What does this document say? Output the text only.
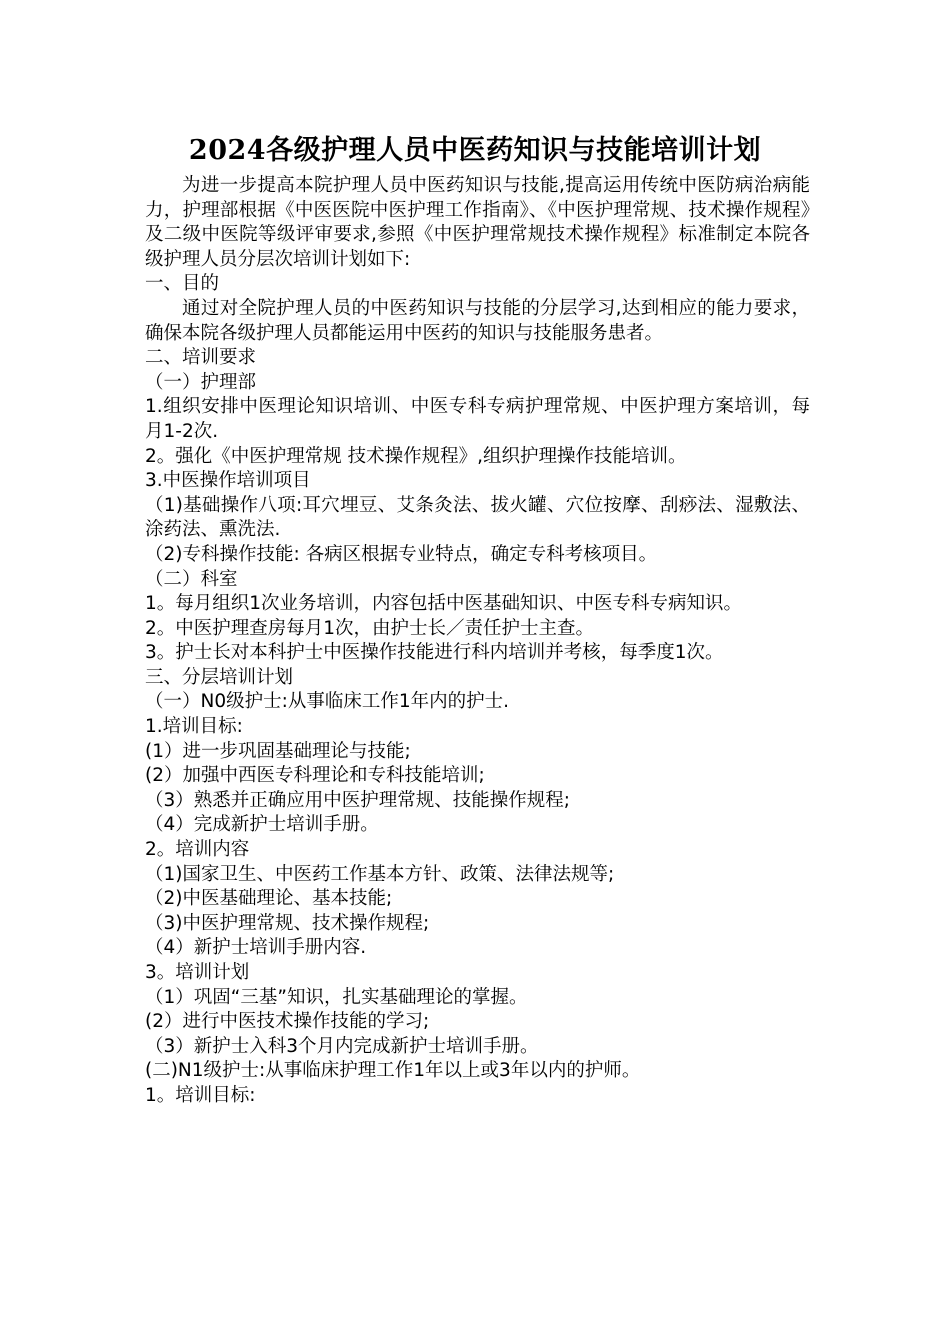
2024各级护理人员中医药知识与技能培训计划

为进一步提高本院护理人员中医药知识与技能,提高运用传统中医防病治病能力，护理部根据《中医医院中医护理工作指南》、《中医护理常规、技术操作规程》及二级中医院等级评审要求,参照《中医护理常规技术操作规程》标准制定本院各级护理人员分层次培训计划如下:

一、目的

通过对全院护理人员的中医药知识与技能的分层学习,达到相应的能力要求，确保本院各级护理人员都能运用中医药的知识与技能服务患者。

二、培训要求

（一）护理部

1.组织安排中医理论知识培训、中医专科专病护理常规、中医护理方案培训，每月1-2次.

2。强化《中医护理常规 技术操作规程》,组织护理操作技能培训。

3.中医操作培训项目

（1)基础操作八项:耳穴埋豆、艾条灸法、拔火罐、穴位按摩、刮痧法、湿敷法、涂药法、熏洗法.

（2)专科操作技能: 各病区根据专业特点，确定专科考核项目。

（二）科室

1。每月组织1次业务培训，内容包括中医基础知识、中医专科专病知识。

2。中医护理查房每月1次，由护士长／责任护士主查。

3。护士长对本科护士中医操作技能进行科内培训并考核，每季度1次。

三、分层培训计划

（一）N0级护士:从事临床工作1年内的护士.

1.培训目标:

(1）进一步巩固基础理论与技能;

(2）加强中西医专科理论和专科技能培训;

（3）熟悉并正确应用中医护理常规、技能操作规程;

（4）完成新护士培训手册。

2。培训内容

（1)国家卫生、中医药工作基本方针、政策、法律法规等;

（2)中医基础理论、基本技能;

（3)中医护理常规、技术操作规程;

（4）新护士培训手册内容.

3。培训计划

（1）巩固“三基”知识，扎实基础理论的掌握。

(2）进行中医技术操作技能的学习;

（3）新护士入科3个月内完成新护士培训手册。

(二)N1级护士:从事临床护理工作1年以上或3年以内的护师。

1。培训目标:
